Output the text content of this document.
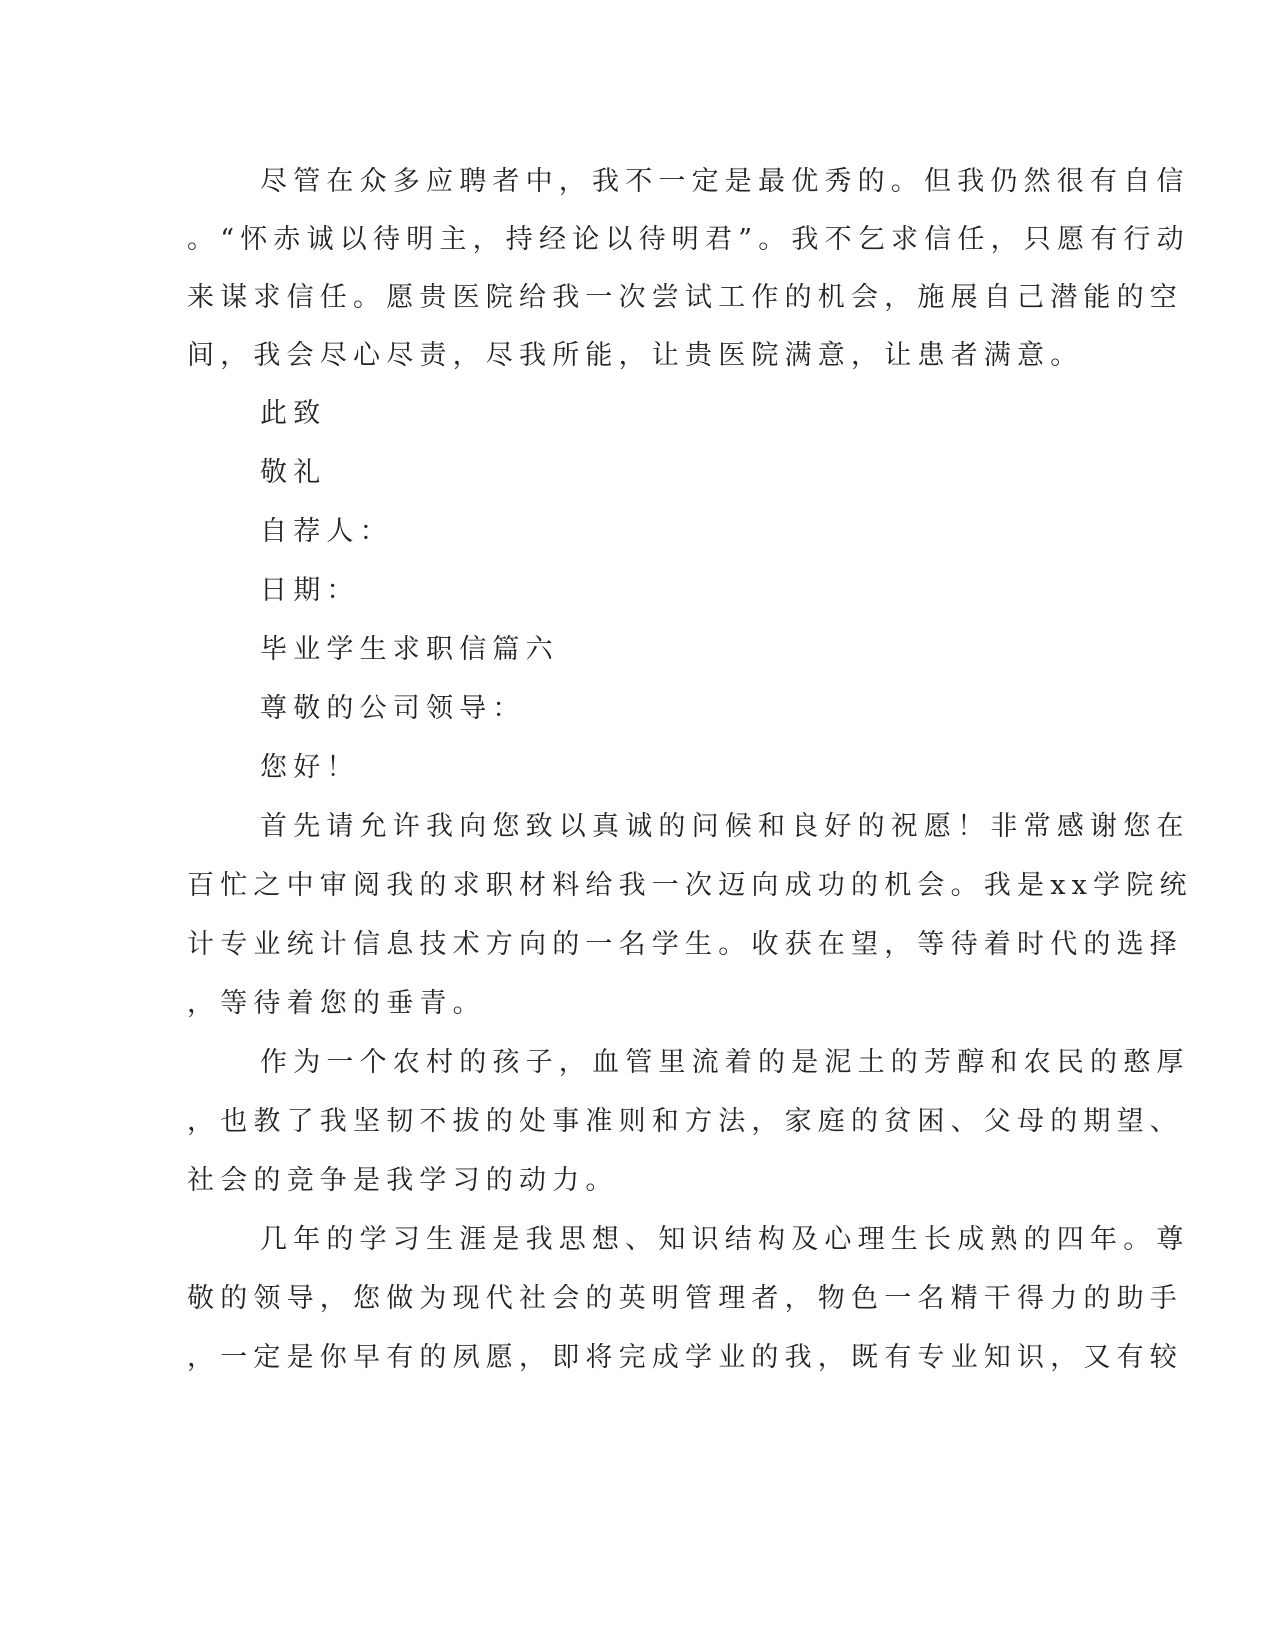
尽管在众多应聘者中，我不一定是最优秀的。但我仍然很有自信
。“怀赤诚以待明主，持经论以待明君”。我不乞求信任，只愿有行动
来谋求信任。愿贵医院给我一次尝试工作的机会，施展自己潜能的空
间，我会尽心尽责，尽我所能，让贵医院满意，让患者满意。
此致
敬礼
自荐人：
日期：
毕业学生求职信篇六
尊敬的公司领导：
您好！
首先请允许我向您致以真诚的问候和良好的祝愿！非常感谢您在
百忙之中审阅我的求职材料给我一次迈向成功的机会。我是xx学院统
计专业统计信息技术方向的一名学生。收获在望，等待着时代的选择
，等待着您的垂青。
作为一个农村的孩子，血管里流着的是泥土的芳醇和农民的憨厚
，也教了我坚韧不拔的处事准则和方法，家庭的贫困、父母的期望、
社会的竞争是我学习的动力。
几年的学习生涯是我思想、知识结构及心理生长成熟的四年。尊
敬的领导，您做为现代社会的英明管理者，物色一名精干得力的助手
，一定是你早有的夙愿，即将完成学业的我，既有专业知识，又有较
